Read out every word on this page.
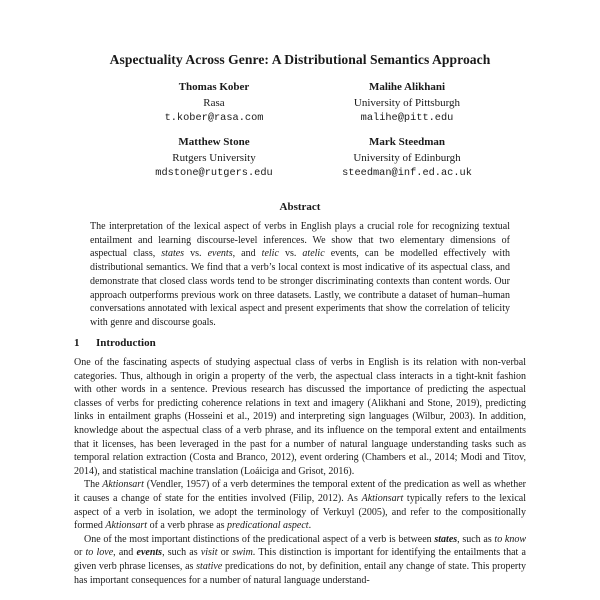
Aspectuality Across Genre: A Distributional Semantics Approach
Thomas Kober
Rasa
t.kober@rasa.com
Malihe Alikhani
University of Pittsburgh
malihe@pitt.edu
Matthew Stone
Rutgers University
mdstone@rutgers.edu
Mark Steedman
University of Edinburgh
steedman@inf.ed.ac.uk
Abstract
The interpretation of the lexical aspect of verbs in English plays a crucial role for recognizing textual entailment and learning discourse-level inferences. We show that two elementary dimensions of aspectual class, states vs. events, and telic vs. atelic events, can be modelled effectively with distributional semantics. We find that a verb’s local context is most indicative of its aspectual class, and demonstrate that closed class words tend to be stronger discriminating contexts than content words. Our approach outperforms previous work on three datasets. Lastly, we contribute a dataset of human–human conversations annotated with lexical aspect and present experiments that show the correlation of telicity with genre and discourse goals.
1 Introduction

One of the fascinating aspects of studying aspectual class of verbs in English is its relation with non-verbal categories. Thus, although in origin a property of the verb, the aspectual class interacts in a tight-knit fashion with other words in a sentence. Previous research has discussed the importance of predicting the aspectual classes of verbs for predicting coherence relations in text and imagery (Alikhani and Stone, 2019), predicting links in entailment graphs (Hosseini et al., 2019) and interpreting sign languages (Wilbur, 2003). In addition, knowledge about the aspectual class of a verb phrase, and its influence on the temporal extent and entailments that it licenses, has been leveraged in the past for a number of natural language understanding tasks such as temporal relation extraction (Costa and Branco, 2012), event ordering (Chambers et al., 2014; Modi and Titov, 2014), and statistical machine translation (Loáiciga and Grisot, 2016).

The Aktionsart (Vendler, 1957) of a verb determines the temporal extent of the predication as well as whether it causes a change of state for the entities involved (Filip, 2012). As Aktionsart typically refers to the lexical aspect of a verb in isolation, we adopt the terminology of Verkuyl (2005), and refer to the compositionally formed Aktionsart of a verb phrase as predicational aspect.

One of the most important distinctions of the predicational aspect of a verb is between states, such as to know or to love, and events, such as visit or swim. This distinction is important for identifying the entailments that a given verb phrase licenses, as stative predications do not, by definition, entail any change of state. This property has important consequences for a number of natural language understand-
